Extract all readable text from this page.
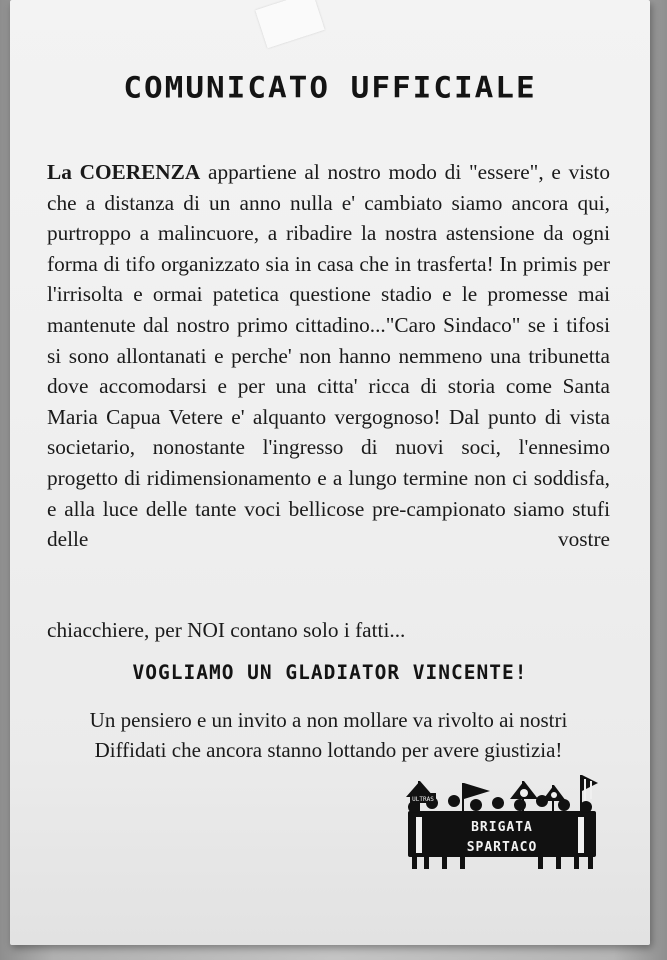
COMUNICATO UFFICIALE
La COERENZA appartiene al nostro modo di "essere", e visto che a distanza di un anno nulla e' cambiato siamo ancora qui, purtroppo a malincuore, a ribadire la nostra astensione da ogni forma di tifo organizzato sia in casa che in trasferta! In primis per l'irrisolta e ormai patetica questione stadio e le promesse mai mantenute dal nostro primo cittadino..."Caro Sindaco" se i tifosi si sono allontanati e perche' non hanno nemmeno una tribunetta dove accomodarsi e per una citta' ricca di storia come Santa Maria Capua Vetere e' alquanto vergognoso! Dal punto di vista societario, nonostante l'ingresso di nuovi soci, l'ennesimo progetto di ridimensionamento e a lungo termine non ci soddisfa, e alla luce delle tante voci bellicose pre-campionato siamo stufi delle vostre
chiacchiere, per NOI contano solo i fatti...
VOGLIAMO UN GLADIATOR VINCENTE!
Un pensiero e un invito a non mollare va rivolto ai nostri
Diffidati che ancora stanno lottando per avere giustizia!
ULTRAS
BRIGATA
SPARTACO
